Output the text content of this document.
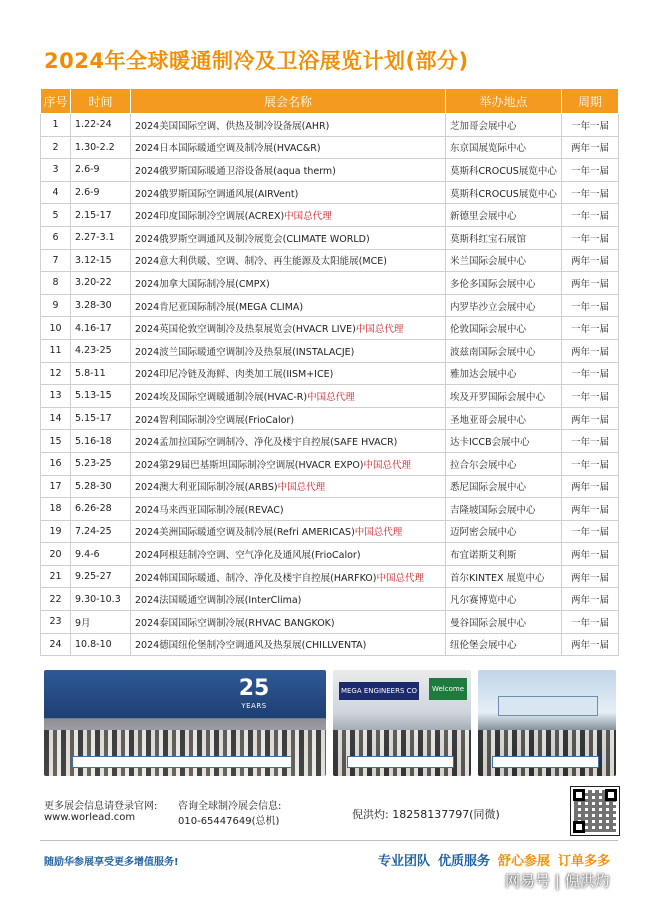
2024年全球暖通制冷及卫浴展览计划(部分)
序号	时间	展会名称	举办地点	周期
1	1.22-24	2024美国国际空调、供热及制冷设备展(AHR)	芝加哥会展中心	一年一届
2	1.30-2.2	2024日本国际暖通空调及制冷展(HVAC&R)	东京国展览际中心	两年一届
3	2.6-9	2024俄罗斯国际暖通卫浴设备展(aqua therm)	莫斯科CROCUS展览中心	一年一届
4	2.6-9	2024俄罗斯国际空调通风展(AIRVent)	莫斯科CROCUS展览中心	一年一届
5	2.15-17	2024印度国际制冷空调展(ACREX)中国总代理	新德里会展中心	一年一届
6	2.27-3.1	2024俄罗斯空调通风及制冷展览会(CLIMATE WORLD)	莫斯科红宝石展馆	一年一届
7	3.12-15	2024意大利供暖、空调、制冷、再生能源及太阳能展(MCE)	米兰国际会展中心	两年一届
8	3.20-22	2024加拿大国际制冷展(CMPX)	多伦多国际会展中心	两年一届
9	3.28-30	2024肯尼亚国际制冷展(MEGA CLIMA)	内罗毕沙立会展中心	一年一届
10	4.16-17	2024英国伦敦空调制冷及热泵展览会(HVACR LIVE)中国总代理	伦敦国际会展中心	一年一届
11	4.23-25	2024波兰国际暖通空调制冷及热泵展(INSTALACJE)	波兹南国际会展中心	两年一届
12	5.8-11	2024印尼冷链及海鲜、肉类加工展(IISM+ICE)	雅加达会展中心	一年一届
13	5.13-15	2024埃及国际空调暖通制冷展(HVAC-R)中国总代理	埃及开罗国际会展中心	一年一届
14	5.15-17	2024智利国际制冷空调展(FrioCalor)	圣地亚哥会展中心	两年一届
15	5.16-18	2024孟加拉国际空调制冷、净化及楼宇自控展(SAFE HVACR)	达卡ICCB会展中心	一年一届
16	5.23-25	2024第29届巴基斯坦国际制冷空调展(HVACR EXPO)中国总代理	拉合尔会展中心	一年一届
17	5.28-30	2024澳大利亚国际制冷展(ARBS)中国总代理	悉尼国际会展中心	两年一届
18	6.26-28	2024马来西亚国际制冷展(REVAC)	吉隆坡国际会展中心	两年一届
19	7.24-25	2024美洲国际暖通空调及制冷展(Refri AMERICAS)中国总代理	迈阿密会展中心	一年一届
20	9.4-6	2024阿根廷制冷空调、空气净化及通风展(FrioCalor)	布宜诺斯艾利斯	两年一届
21	9.25-27	2024韩国国际暖通、制冷、净化及楼宇自控展(HARFKO)中国总代理	首尔KINTEX 展览中心	两年一届
22	9.30-10.3	2024法国暖通空调制冷展(InterClima)	凡尔赛博览中心	两年一届
23	9月	2024泰国国际空调制冷展(RHVAC BANGKOK)	曼谷国际会展中心	一年一届
24	10.8-10	2024德国纽伦堡制冷空调通风及热泵展(CHILLVENTA)	纽伦堡会展中心	两年一届
25
YEARS
MEGA ENGINEERS CO	Welcome
更多展会信息请登录官网:
www.worlead.com
咨询全球制冷展会信息:
010-65447649(总机)
倪洪灼: 18258137797(同微)
随励华参展享受更多增值服务!	专业团队 优质服务 舒心参展 订单多多
网易号 | 倪洪灼
